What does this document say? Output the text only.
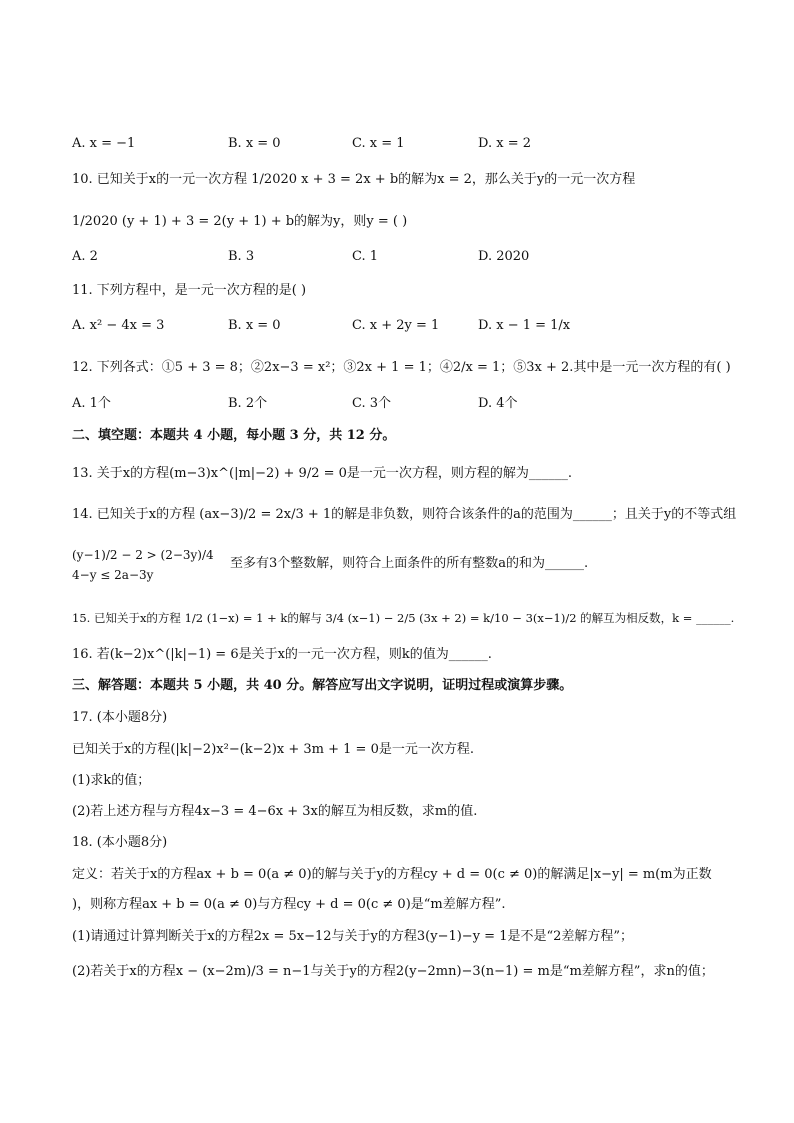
A. x = −1	B. x = 0	C. x = 1	D. x = 2
10. 已知关于x的一元一次方程 1/2020 x + 3 = 2x + b的解为x = 2，那么关于y的一元一次方程
1/2020 (y + 1) + 3 = 2(y + 1) + b的解为y，则y = ( )
A. 2	B. 3	C. 1	D. 2020
11. 下列方程中，是一元一次方程的是( )
A. x² − 4x = 3	B. x = 0	C. x + 2y = 1	D. x − 1 = 1/x
12. 下列各式：①5 + 3 = 8；②2x−3 = x²；③2x + 1 = 1；④2/x = 1；⑤3x + 2.其中是一元一次方程的有( )
A. 1个	B. 2个	C. 3个	D. 4个
二、填空题：本题共 4 小题，每小题 3 分，共 12 分。
13. 关于x的方程(m−3)x^(|m|−2) + 9/2 = 0是一元一次方程，则方程的解为______.
14. 已知关于x的方程 (ax−3)/2 = 2x/3 + 1的解是非负数，则符合该条件的a的范围为______；且关于y的不等式组
(y−1)/2 − 2 > (2−3y)/4
至多有3个整数解，则符合上面条件的所有整数a的和为______.
4−y ≤ 2a−3y
15. 已知关于x的方程 1/2 (1−x) = 1 + k的解与 3/4 (x−1) − 2/5 (3x + 2) = k/10 − 3(x−1)/2 的解互为相反数，k = ______.
16. 若(k−2)x^(|k|−1) = 6是关于x的一元一次方程，则k的值为______.
三、解答题：本题共 5 小题，共 40 分。解答应写出文字说明，证明过程或演算步骤。
17. (本小题8分)
已知关于x的方程(|k|−2)x²−(k−2)x + 3m + 1 = 0是一元一次方程.
(1)求k的值；
(2)若上述方程与方程4x−3 = 4−6x + 3x的解互为相反数，求m的值.
18. (本小题8分)
定义：若关于x的方程ax + b = 0(a ≠ 0)的解与关于y的方程cy + d = 0(c ≠ 0)的解满足|x−y| = m(m为正数
)，则称方程ax + b = 0(a ≠ 0)与方程cy + d = 0(c ≠ 0)是“m差解方程”.
(1)请通过计算判断关于x的方程2x = 5x−12与关于y的方程3(y−1)−y = 1是不是“2差解方程”；
(2)若关于x的方程x − (x−2m)/3 = n−1与关于y的方程2(y−2mn)−3(n−1) = m是“m差解方程”，求n的值；
